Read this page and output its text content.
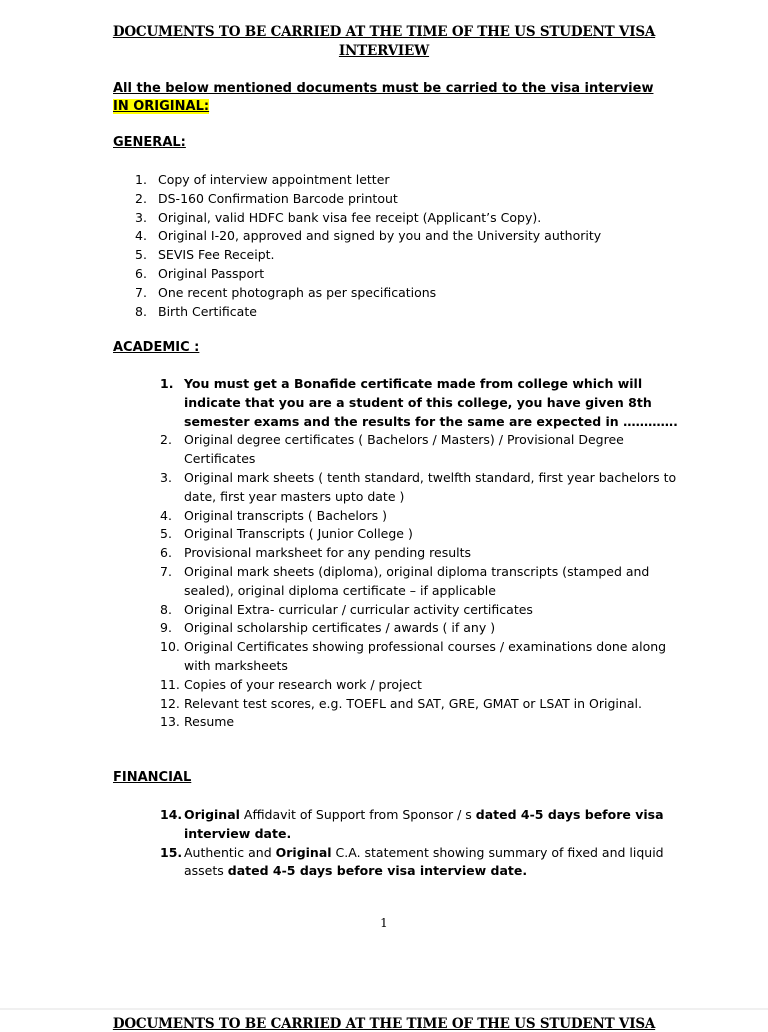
DOCUMENTS TO BE CARRIED AT THE TIME OF THE US STUDENT VISA
INTERVIEW
All the below mentioned documents must be carried to the visa interview IN ORIGINAL:
GENERAL:
1. Copy of interview appointment letter
2. DS-160 Confirmation Barcode printout
3. Original, valid HDFC bank visa fee receipt (Applicant’s Copy).
4. Original I-20, approved and signed by you and the University authority
5. SEVIS Fee Receipt.
6. Original Passport
7. One recent photograph as per specifications
8. Birth Certificate
ACADEMIC :
1. You must get a Bonafide certificate made from college which will indicate that you are a student of this college, you have given 8th semester exams and the results for the same are expected in ………….
2. Original degree certificates ( Bachelors / Masters) / Provisional Degree Certificates
3. Original mark sheets ( tenth standard, twelfth standard, first year bachelors to date, first year masters upto date )
4. Original transcripts ( Bachelors )
5. Original Transcripts ( Junior College )
6. Provisional marksheet for any pending results
7. Original mark sheets (diploma), original diploma transcripts (stamped and sealed), original diploma certificate – if applicable
8. Original Extra- curricular / curricular activity certificates
9. Original scholarship certificates / awards ( if any )
10. Original Certificates showing professional courses / examinations done along with marksheets
11. Copies of your research work / project
12. Relevant test scores, e.g. TOEFL and SAT, GRE, GMAT or LSAT in Original.
13. Resume
FINANCIAL
14. Original Affidavit of Support from Sponsor / s dated 4-5 days before visa interview date.
15. Authentic and Original C.A. statement showing summary of fixed and liquid assets dated 4-5 days before visa interview date.
1
DOCUMENTS TO BE CARRIED AT THE TIME OF THE US STUDENT VISA
